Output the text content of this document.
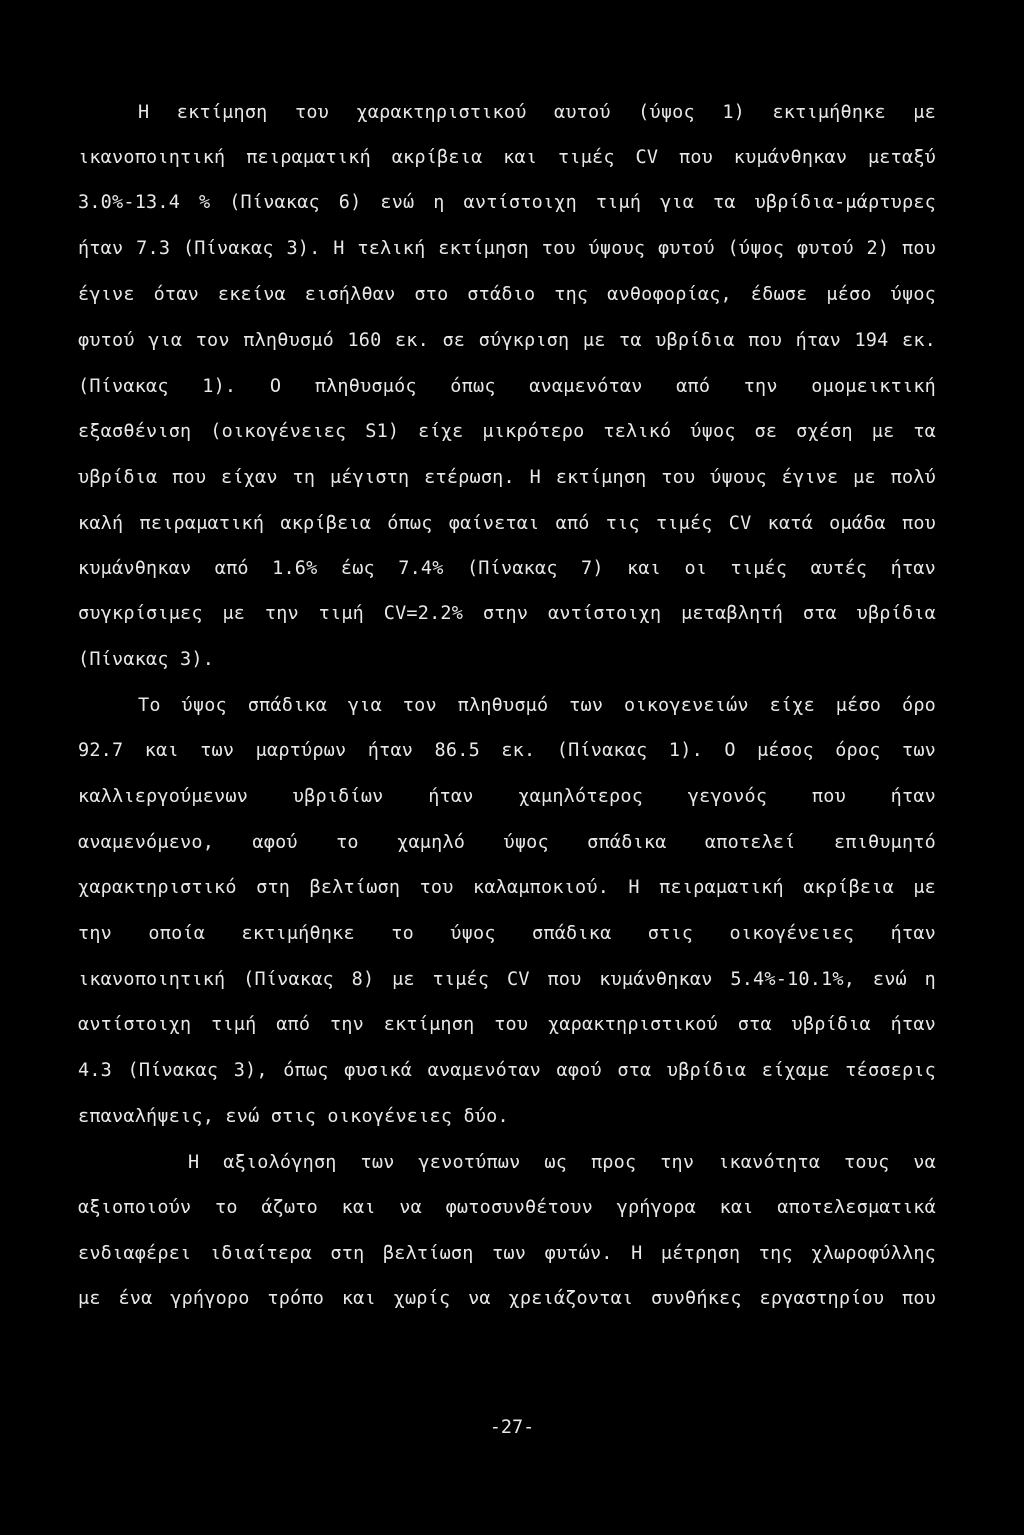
Η εκτίμηση του χαρακτηριστικού αυτού (ύψος 1) εκτιμήθηκε με
ικανοποιητική πειραματική ακρίβεια και τιμές CV που κυμάνθηκαν μεταξύ
3.0%-13.4 % (Πίνακας 6) ενώ η αντίστοιχη τιμή για τα υβρίδια-μάρτυρες
ήταν 7.3 (Πίνακας 3). Η τελική εκτίμηση του ύψους φυτού (ύψος φυτού 2) που
έγινε όταν εκείνα εισήλθαν στο στάδιο της ανθοφορίας, έδωσε μέσο ύψος
φυτού για τον πληθυσμό 160 εκ. σε σύγκριση με τα υβρίδια που ήταν 194 εκ.
(Πίνακας 1). Ο πληθυσμός όπως αναμενόταν από την ομομεικτική
εξασθένιση (οικογένειες S1) είχε μικρότερο τελικό ύψος σε σχέση με τα
υβρίδια που είχαν τη μέγιστη ετέρωση. Η εκτίμηση του ύψους έγινε με πολύ
καλή πειραματική ακρίβεια όπως φαίνεται από τις τιμές CV κατά ομάδα που
κυμάνθηκαν από 1.6% έως 7.4% (Πίνακας 7) και οι τιμές αυτές ήταν
συγκρίσιμες με την τιμή CV=2.2% στην αντίστοιχη μεταβλητή στα υβρίδια
(Πίνακας 3).
Το ύψος σπάδικα για τον πληθυσμό των οικογενειών είχε μέσο όρο
92.7 και των μαρτύρων ήταν 86.5 εκ. (Πίνακας 1). Ο μέσος όρος των
καλλιεργούμενων υβριδίων ήταν χαμηλότερος γεγονός που ήταν
αναμενόμενο, αφού το χαμηλό ύψος σπάδικα αποτελεί επιθυμητό
χαρακτηριστικό στη βελτίωση του καλαμποκιού. Η πειραματική ακρίβεια με
την οποία εκτιμήθηκε το ύψος σπάδικα στις οικογένειες ήταν
ικανοποιητική (Πίνακας 8) με τιμές CV που κυμάνθηκαν 5.4%-10.1%, ενώ η
αντίστοιχη τιμή από την εκτίμηση του χαρακτηριστικού στα υβρίδια ήταν
4.3 (Πίνακας 3), όπως φυσικά αναμενόταν αφού στα υβρίδια είχαμε τέσσερις
επαναλήψεις, ενώ στις οικογένειες δύο.
Η αξιολόγηση των γενοτύπων ως προς την ικανότητα τους να
αξιοποιούν το άζωτο και να φωτοσυνθέτουν γρήγορα και αποτελεσματικά
ενδιαφέρει ιδιαίτερα στη βελτίωση των φυτών. Η μέτρηση της χλωροφύλλης
με ένα γρήγορο τρόπο και χωρίς να χρειάζονται συνθήκες εργαστηρίου που
-27-
